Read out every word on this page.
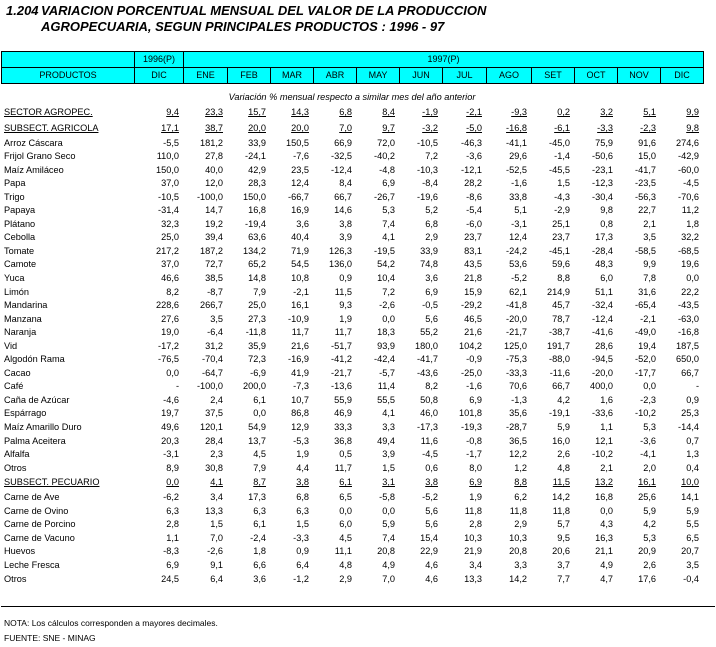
1.204 VARIACION PORCENTUAL MENSUAL DEL VALOR DE LA PRODUCCION
AGROPECUARIA, SEGUN PRINCIPALES PRODUCTOS : 1996 - 97
	1996(P)	1997(P)											
PRODUCTOS	DIC	ENE	FEB	MAR	ABR	MAY	JUN	JUL	AGO	SET	OCT	NOV	DIC
Variación % mensual respecto a similar mes del año anterior													
SECTOR AGROPEC.	9,4	23,3	15,7	14,3	6,8	8,4	-1,9	-2,1	-9,3	0,2	3,2	5,1	9,9
SUBSECT. AGRICOLA	17,1	38,7	20,0	20,0	7,0	9,7	-3,2	-5,0	-16,8	-6,1	-3,3	-2,3	9,8
Arroz Cáscara	-5,5	181,2	33,9	150,5	66,9	72,0	-10,5	-46,3	-41,1	-45,0	75,9	91,6	274,6
Frijol Grano Seco	110,0	27,8	-24,1	-7,6	-32,5	-40,2	7,2	-3,6	29,6	-1,4	-50,6	15,0	-42,9
Maíz Amiláceo	150,0	40,0	42,9	23,5	-12,4	-4,8	-10,3	-12,1	-52,5	-45,5	-23,1	-41,7	-60,0
Papa	37,0	12,0	28,3	12,4	8,4	6,9	-8,4	28,2	-1,6	1,5	-12,3	-23,5	-4,5
Trigo	-10,5	-100,0	150,0	-66,7	66,7	-26,7	-19,6	-8,6	33,8	-4,3	-30,4	-56,3	-70,6
Papaya	-31,4	14,7	16,8	16,9	14,6	5,3	5,2	-5,4	5,1	-2,9	9,8	22,7	11,2
Plátano	32,3	19,2	-19,4	3,6	3,8	7,4	6,8	-6,0	-3,1	25,1	0,8	2,1	1,8
Cebolla	25,0	39,4	63,6	40,4	3,9	4,1	2,9	23,7	12,4	23,7	17,3	3,5	32,2
Tomate	217,2	187,2	134,2	71,9	126,3	-19,5	33,9	83,1	-24,2	-45,1	-28,4	-58,5	-68,5
Camote	37,0	72,7	65,2	54,5	136,0	54,2	74,8	43,5	53,6	59,6	48,3	9,9	19,6
Yuca	46,6	38,5	14,8	10,8	0,9	10,4	3,6	21,8	-5,2	8,8	6,0	7,8	0,0
Limón	8,2	-8,7	7,9	-2,1	11,5	7,2	6,9	15,9	62,1	214,9	51,1	31,6	22,2
Mandarina	228,6	266,7	25,0	16,1	9,3	-2,6	-0,5	-29,2	-41,8	45,7	-32,4	-65,4	-43,5
Manzana	27,6	3,5	27,3	-10,9	1,9	0,0	5,6	46,5	-20,0	78,7	-12,4	-2,1	-63,0
Naranja	19,0	-6,4	-11,8	11,7	11,7	18,3	55,2	21,6	-21,7	-38,7	-41,6	-49,0	-16,8
Vid	-17,2	31,2	35,9	21,6	-51,7	93,9	180,0	104,2	125,0	191,7	28,6	19,4	187,5
Algodón Rama	-76,5	-70,4	72,3	-16,9	-41,2	-42,4	-41,7	-0,9	-75,3	-88,0	-94,5	-52,0	650,0
Cacao	0,0	-64,7	-6,9	41,9	-21,7	-5,7	-43,6	-25,0	-33,3	-11,6	-20,0	-17,7	66,7
Café	-	-100,0	200,0	-7,3	-13,6	11,4	8,2	-1,6	70,6	66,7	400,0	0,0	-
Caña de Azúcar	-4,6	2,4	6,1	10,7	55,9	55,5	50,8	6,9	-1,3	4,2	1,6	-2,3	0,9
Espárrago	19,7	37,5	0,0	86,8	46,9	4,1	46,0	101,8	35,6	-19,1	-33,6	-10,2	25,3
Maíz Amarillo Duro	49,6	120,1	54,9	12,9	33,3	3,3	-17,3	-19,3	-28,7	5,9	1,1	5,3	-14,4
Palma Aceitera	20,3	28,4	13,7	-5,3	36,8	49,4	11,6	-0,8	36,5	16,0	12,1	-3,6	0,7
Alfalfa	-3,1	2,3	4,5	1,9	0,5	3,9	-4,5	-1,7	12,2	2,6	-10,2	-4,1	1,3
Otros	8,9	30,8	7,9	4,4	11,7	1,5	0,6	8,0	1,2	4,8	2,1	2,0	0,4
SUBSECT. PECUARIO	0,0	4,1	8,7	3,8	6,1	3,1	3,8	6,9	8,8	11,5	13,2	16,1	10,0
Carne de Ave	-6,2	3,4	17,3	6,8	6,5	-5,8	-5,2	1,9	6,2	14,2	16,8	25,6	14,1
Carne de Ovino	6,3	13,3	6,3	6,3	0,0	0,0	5,6	11,8	11,8	11,8	0,0	5,9	5,9
Carne de Porcino	2,8	1,5	6,1	1,5	6,0	5,9	5,6	2,8	2,9	5,7	4,3	4,2	5,5
Carne de Vacuno	1,1	7,0	-2,4	-3,3	4,5	7,4	15,4	10,3	10,3	9,5	16,3	5,3	6,5
Huevos	-8,3	-2,6	1,8	0,9	11,1	20,8	22,9	21,9	20,8	20,6	21,1	20,9	20,7
Leche Fresca	6,9	9,1	6,6	6,4	4,8	4,9	4,6	3,4	3,3	3,7	4,9	2,6	3,5
Otros	24,5	6,4	3,6	-1,2	2,9	7,0	4,6	13,3	14,2	7,7	4,7	17,6	-0,4
NOTA: Los cálculos corresponden a mayores decimales.
FUENTE: SNE - MINAG
